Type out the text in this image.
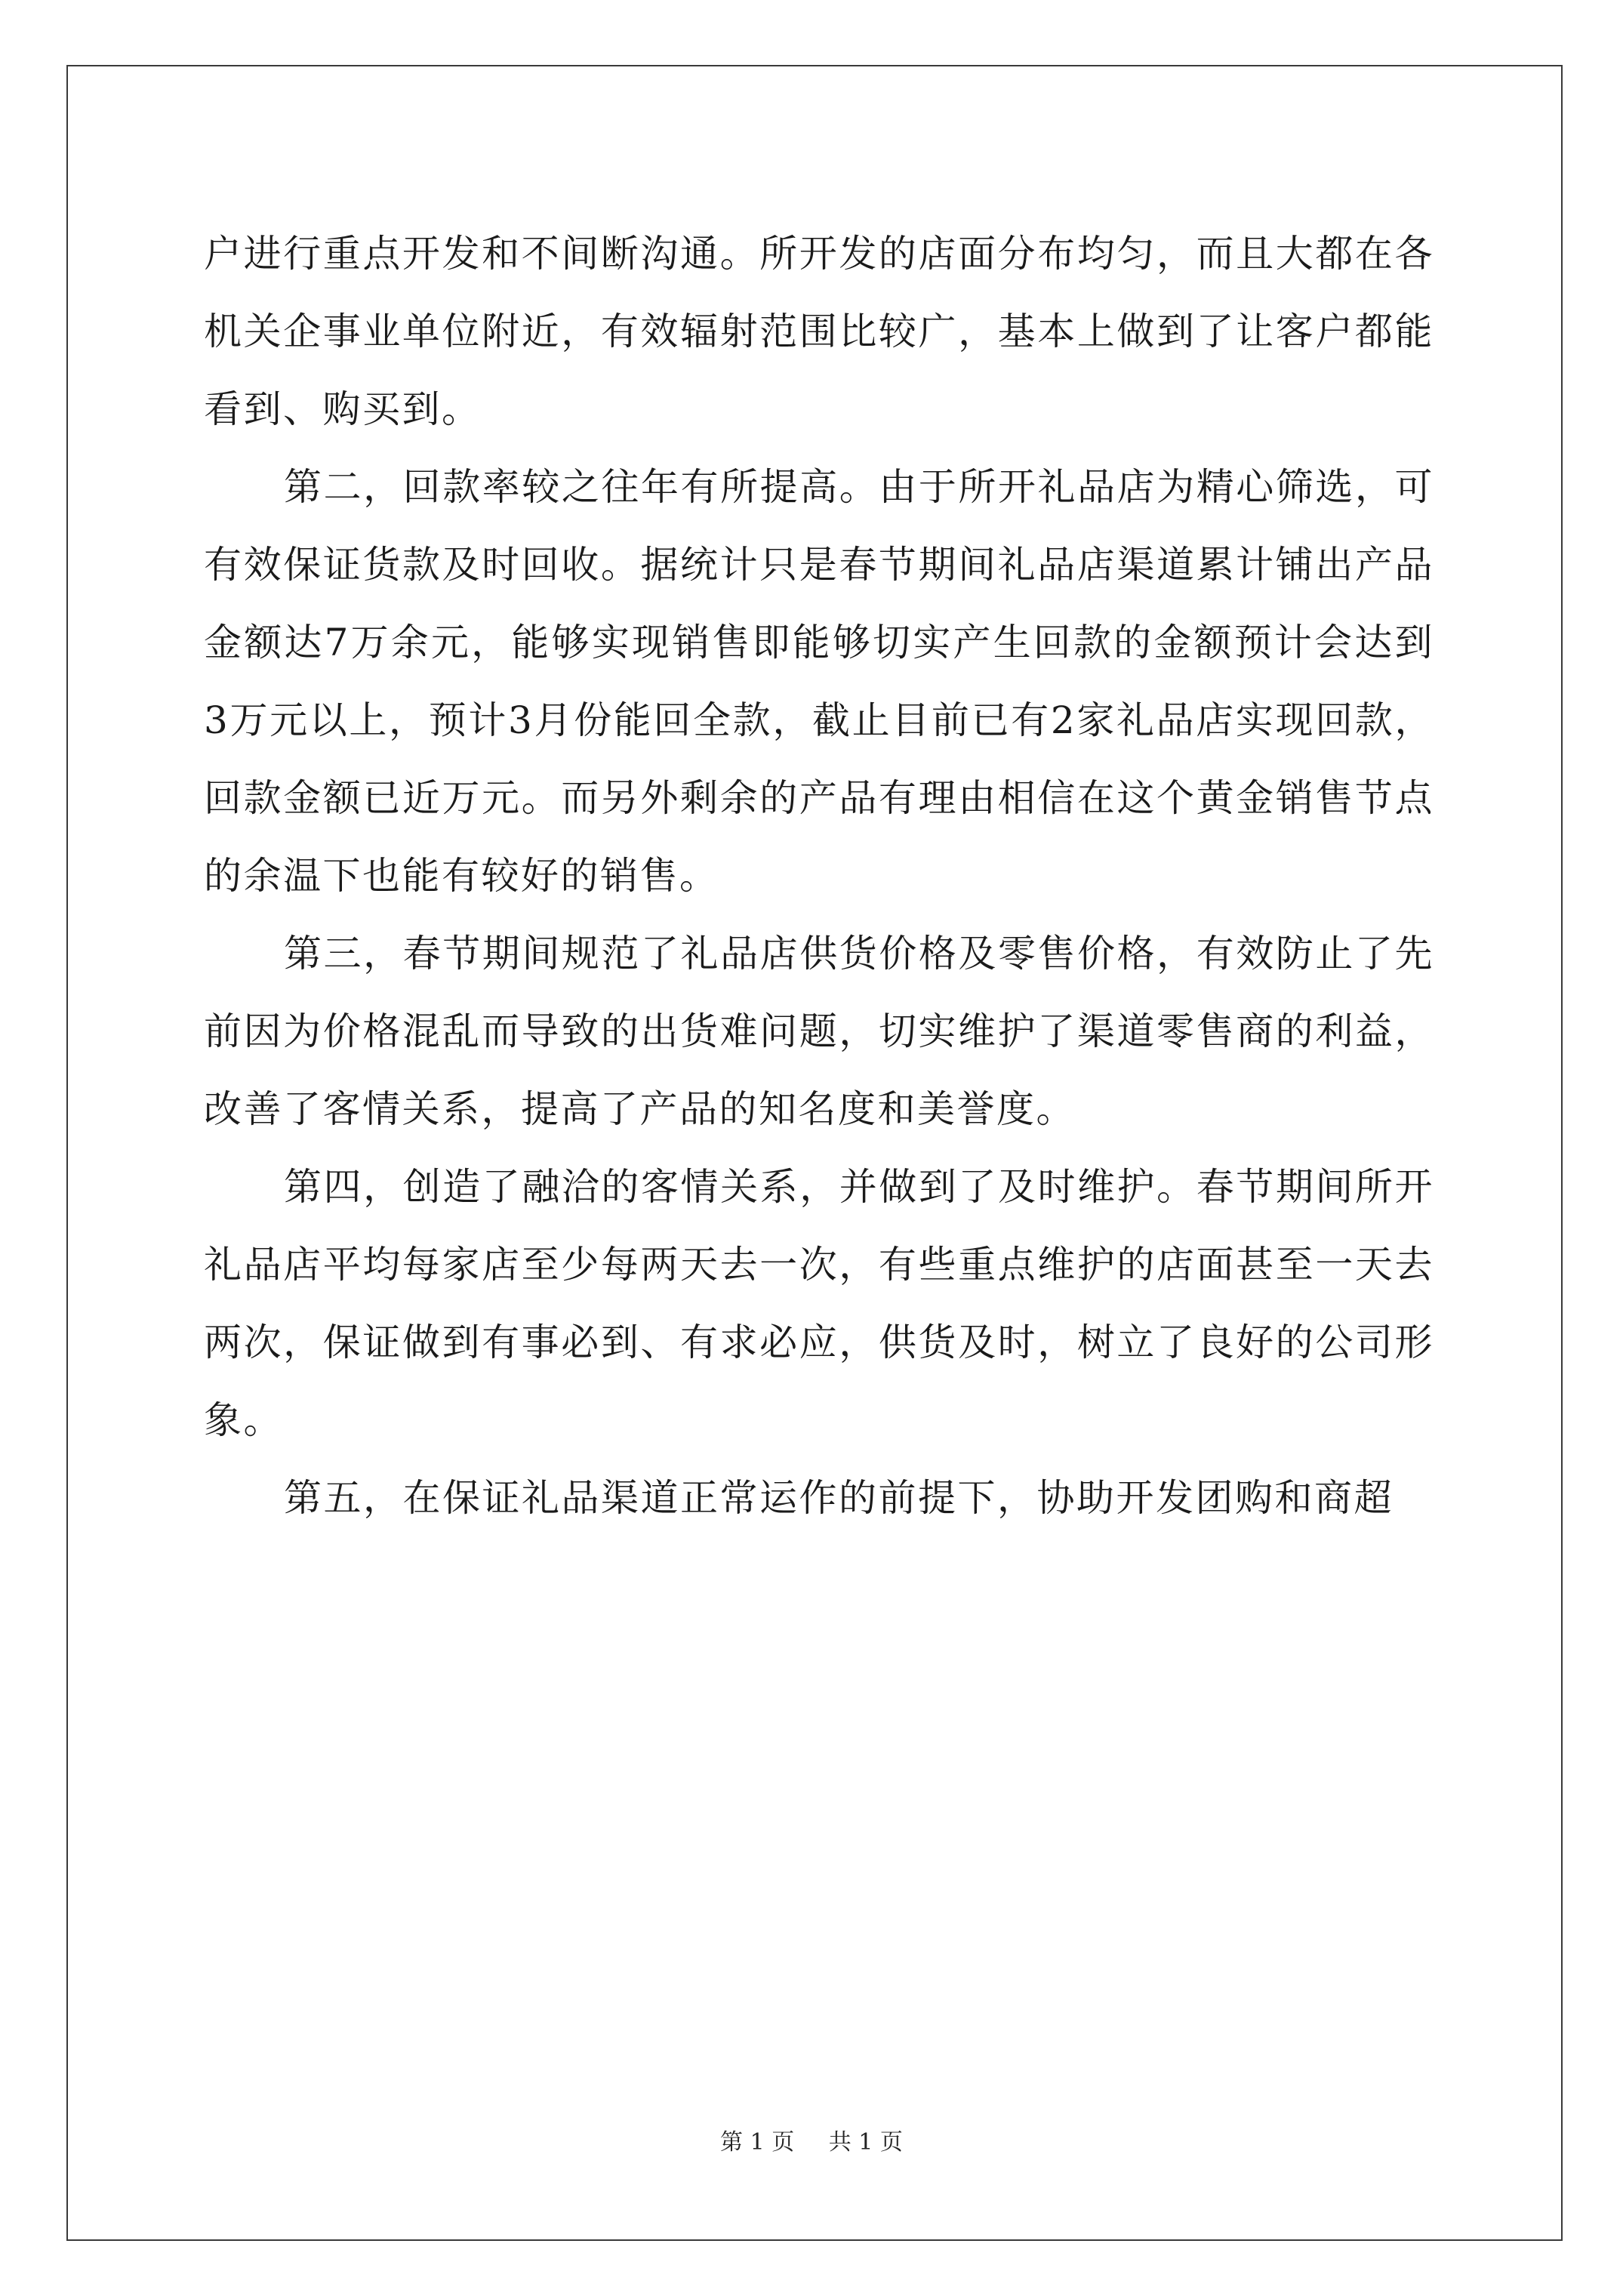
户进行重点开发和不间断沟通。所开发的店面分布均匀，而且大都在各机关企事业单位附近，有效辐射范围比较广，基本上做到了让客户都能看到、购买到。

第二，回款率较之往年有所提高。由于所开礼品店为精心筛选，可有效保证货款及时回收。据统计只是春节期间礼品店渠道累计铺出产品金额达7万余元，能够实现销售即能够切实产生回款的金额预计会达到3万元以上，预计3月份能回全款，截止目前已有2家礼品店实现回款，回款金额已近万元。而另外剩余的产品有理由相信在这个黄金销售节点的余温下也能有较好的销售。

第三，春节期间规范了礼品店供货价格及零售价格，有效防止了先前因为价格混乱而导致的出货难问题，切实维护了渠道零售商的利益，改善了客情关系，提高了产品的知名度和美誉度。

第四，创造了融洽的客情关系，并做到了及时维护。春节期间所开礼品店平均每家店至少每两天去一次，有些重点维护的店面甚至一天去两次，保证做到有事必到、有求必应，供货及时，树立了良好的公司形象。

第五，在保证礼品渠道正常运作的前提下，协助开发团购和商超

第 1 页 共 1 页
